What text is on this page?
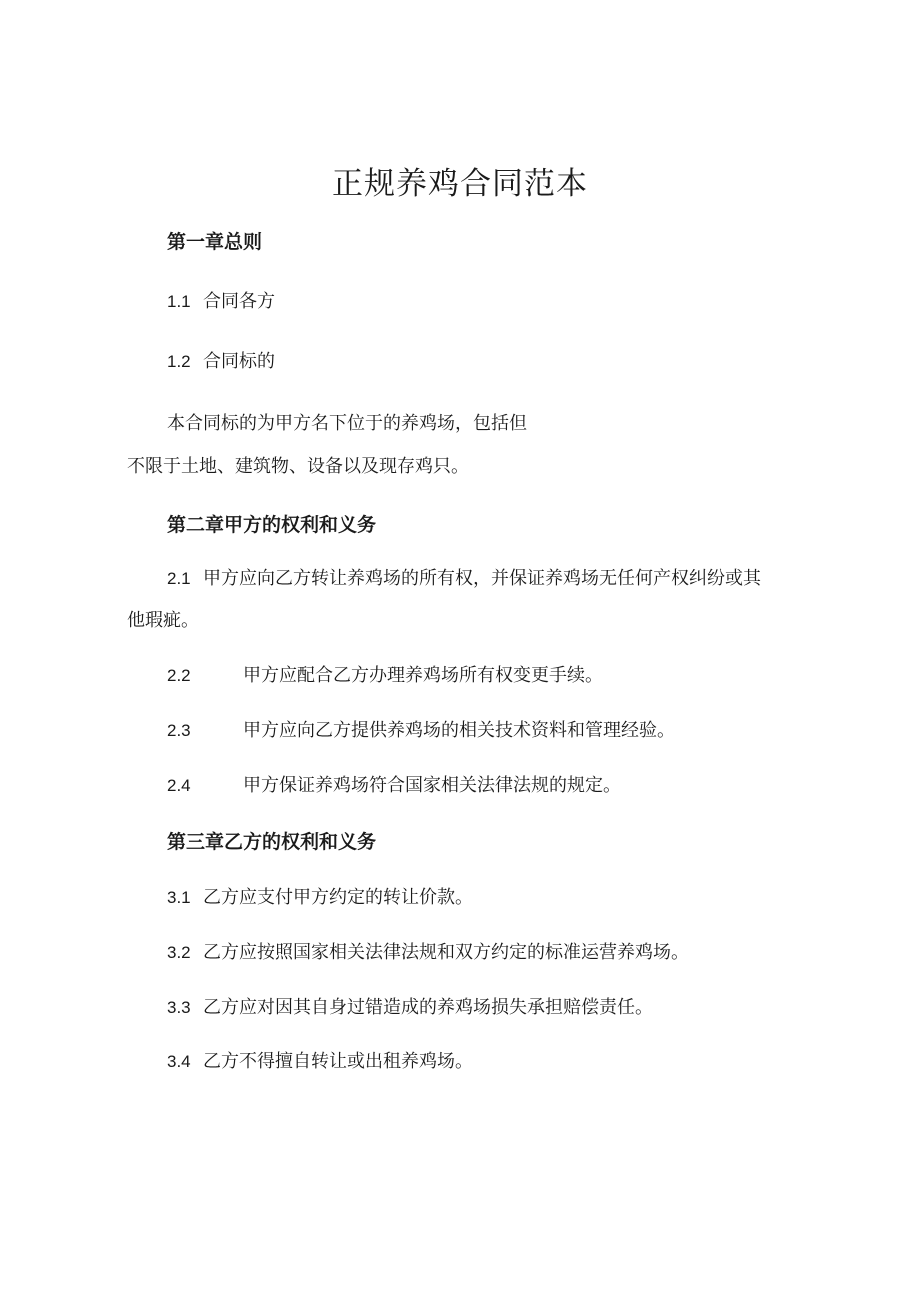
正规养鸡合同范本
第一章总则
1.1 合同各方
1.2 合同标的
本合同标的为甲方名下位于的养鸡场，包括但
不限于土地、建筑物、设备以及现存鸡只。
第二章甲方的权利和义务
2.1 甲方应向乙方转让养鸡场的所有权，并保证养鸡场无任何产权纠纷或其
他瑕疵。
2.2	甲方应配合乙方办理养鸡场所有权变更手续。
2.3	甲方应向乙方提供养鸡场的相关技术资料和管理经验。
2.4	甲方保证养鸡场符合国家相关法律法规的规定。
第三章乙方的权利和义务
3.1 乙方应支付甲方约定的转让价款。
3.2 乙方应按照国家相关法律法规和双方约定的标准运营养鸡场。
3.3 乙方应对因其自身过错造成的养鸡场损失承担赔偿责任。
3.4 乙方不得擅自转让或出租养鸡场。
